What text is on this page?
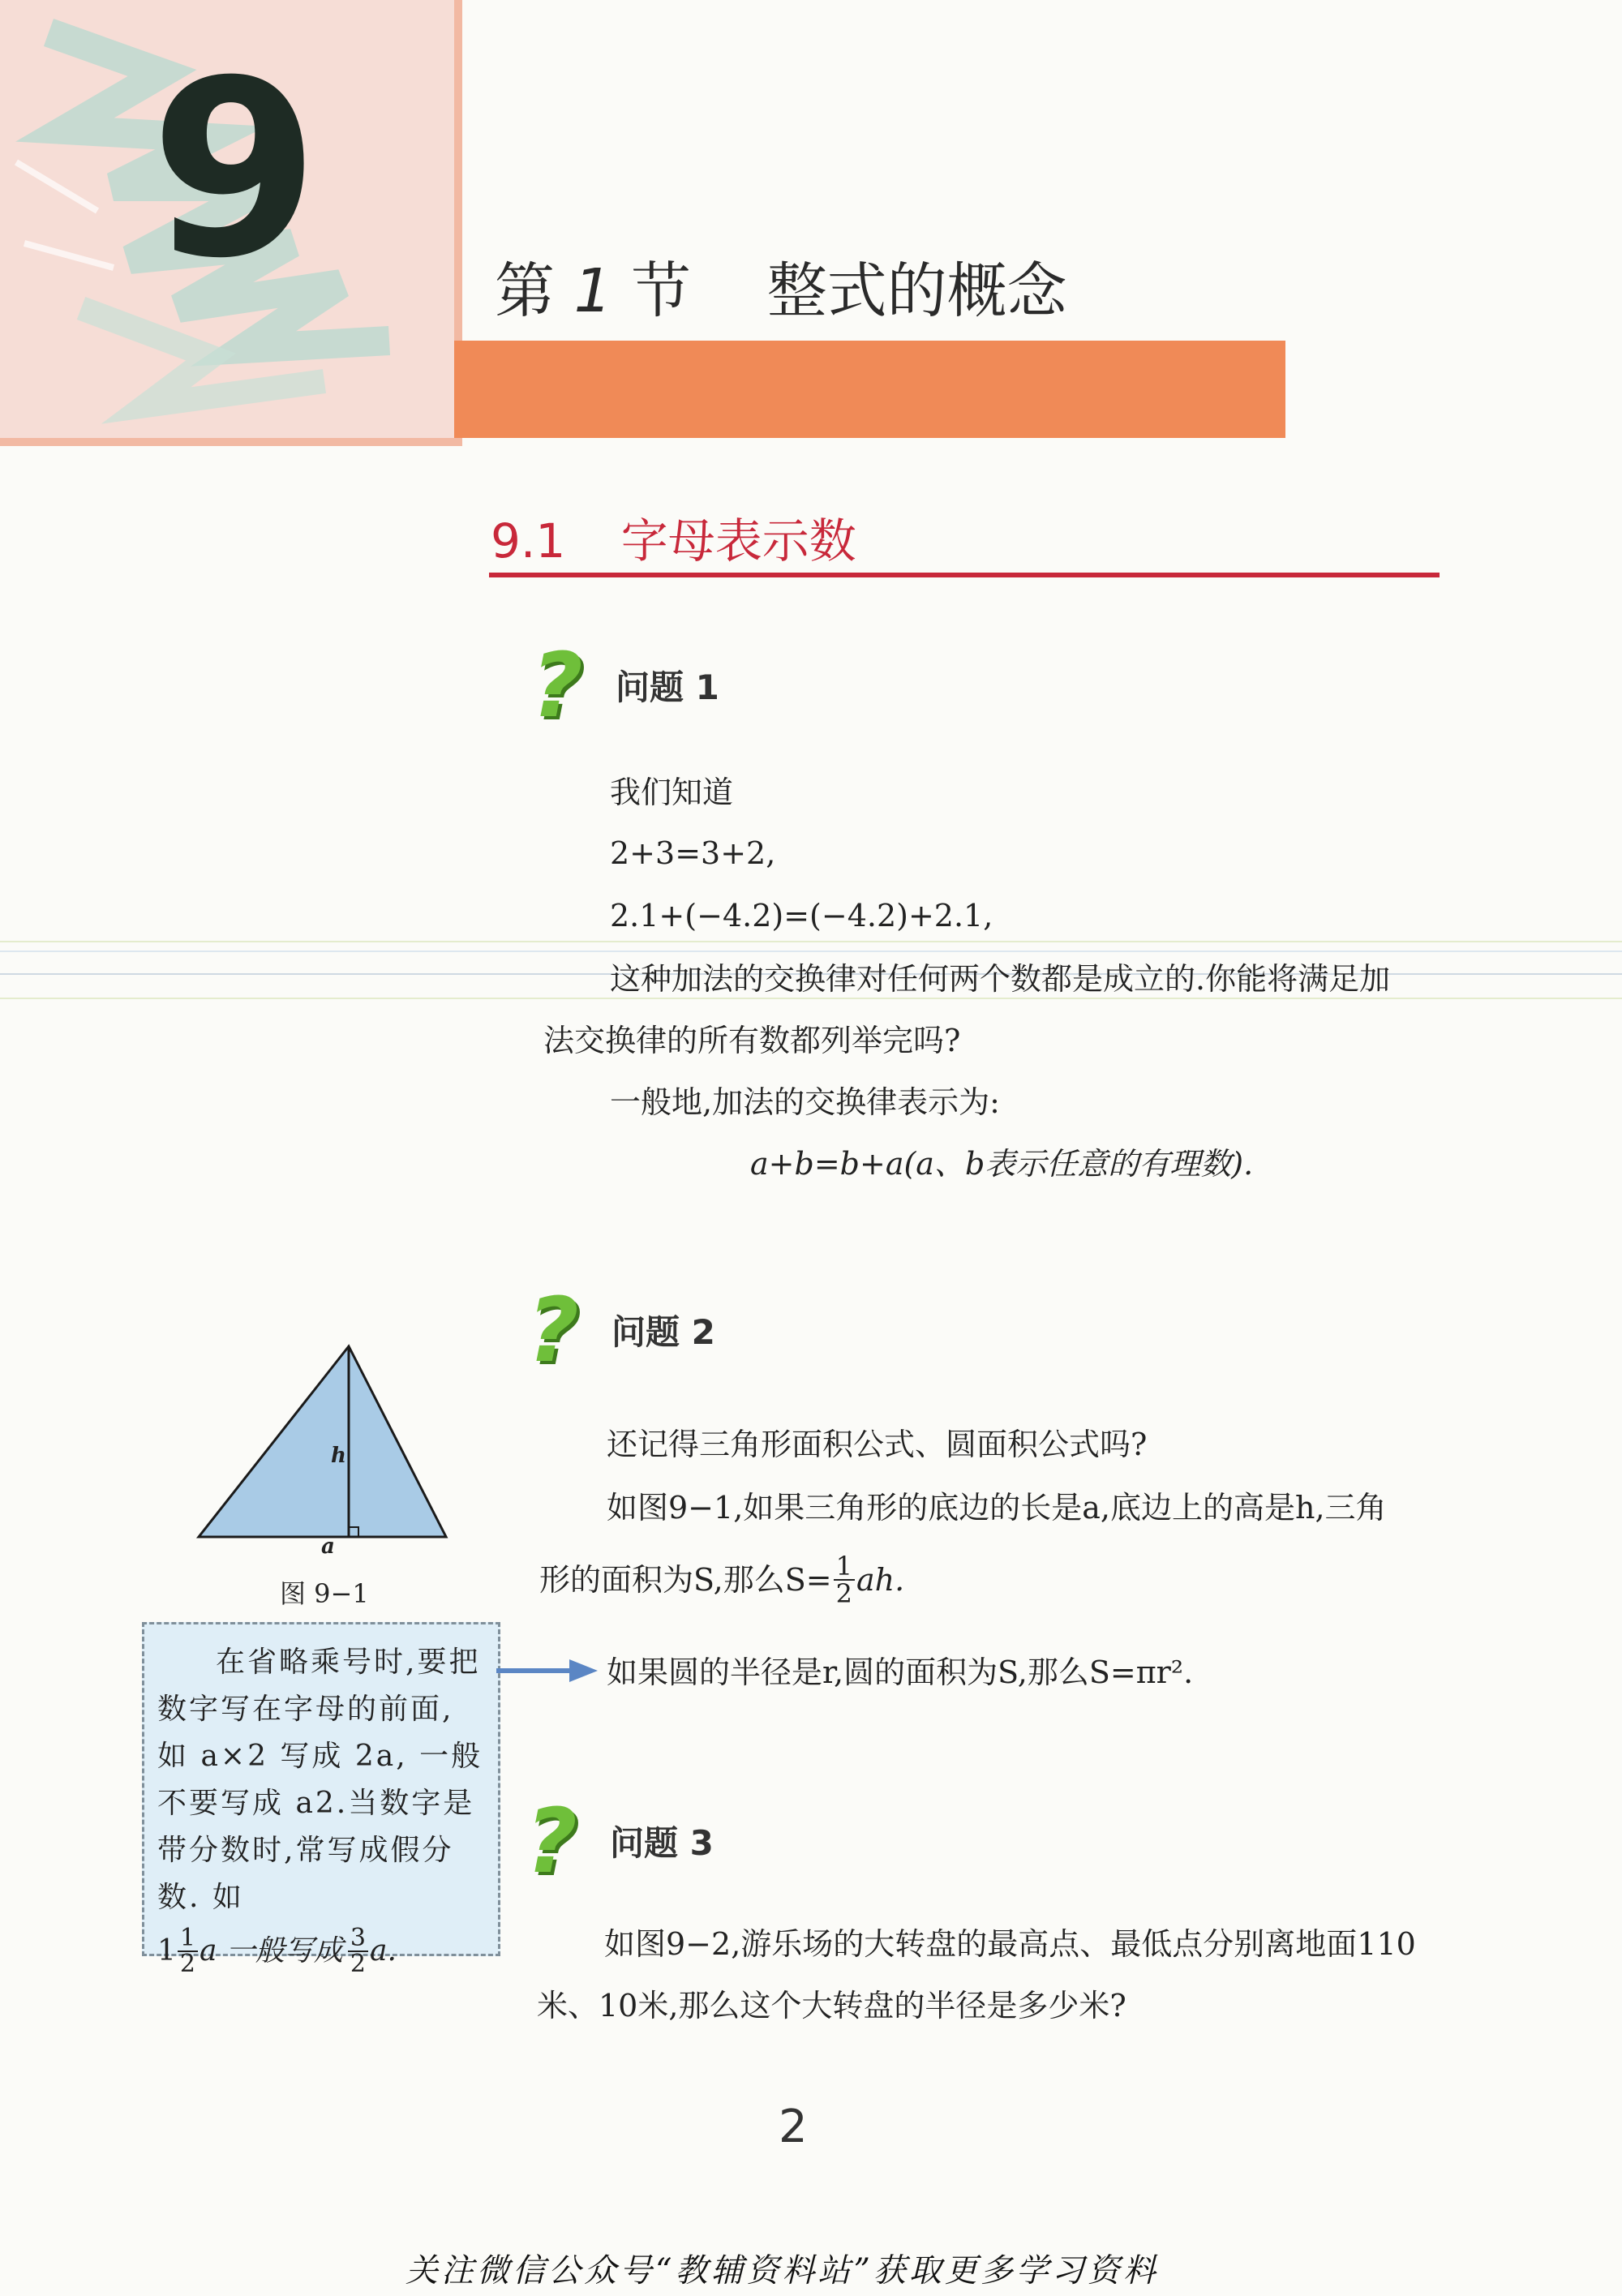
9	第 1 节 整式的概念
9.1 字母表示数
? 问题 1
我们知道
2+3=3+2,
2.1+(−4.2)=(−4.2)+2.1,
这种加法的交换律对任何两个数都是成立的.你能将满足加
法交换律的所有数都列举完吗?
一般地,加法的交换律表示为:
a+b=b+a(a、b表示任意的有理数).
? 问题 2
还记得三角形面积公式、圆面积公式吗?
如图9−1,如果三角形的底边的长是a,底边上的高是h,三角
形的面积为S,那么$S= \frac{1}{2}$ ah.
如果圆的半径是r,圆的面积为S,那么S=πr².
h
a
图 9−1
在省略乘号时,要把数字写在字母的前面,如 a×2 写成 2a, 一般不要写成 a2.当数字是带分数时,常写成假分数. 如
$1 \frac{1}{2}$ a 一般写成 $\frac{3}{2} a$.
? 问题 3
如图9−2,游乐场的大转盘的最高点、最低点分别离地面110
米、10米,那么这个大转盘的半径是多少米?
2
关注微信公众号“教辅资料站”获取更多学习资料
